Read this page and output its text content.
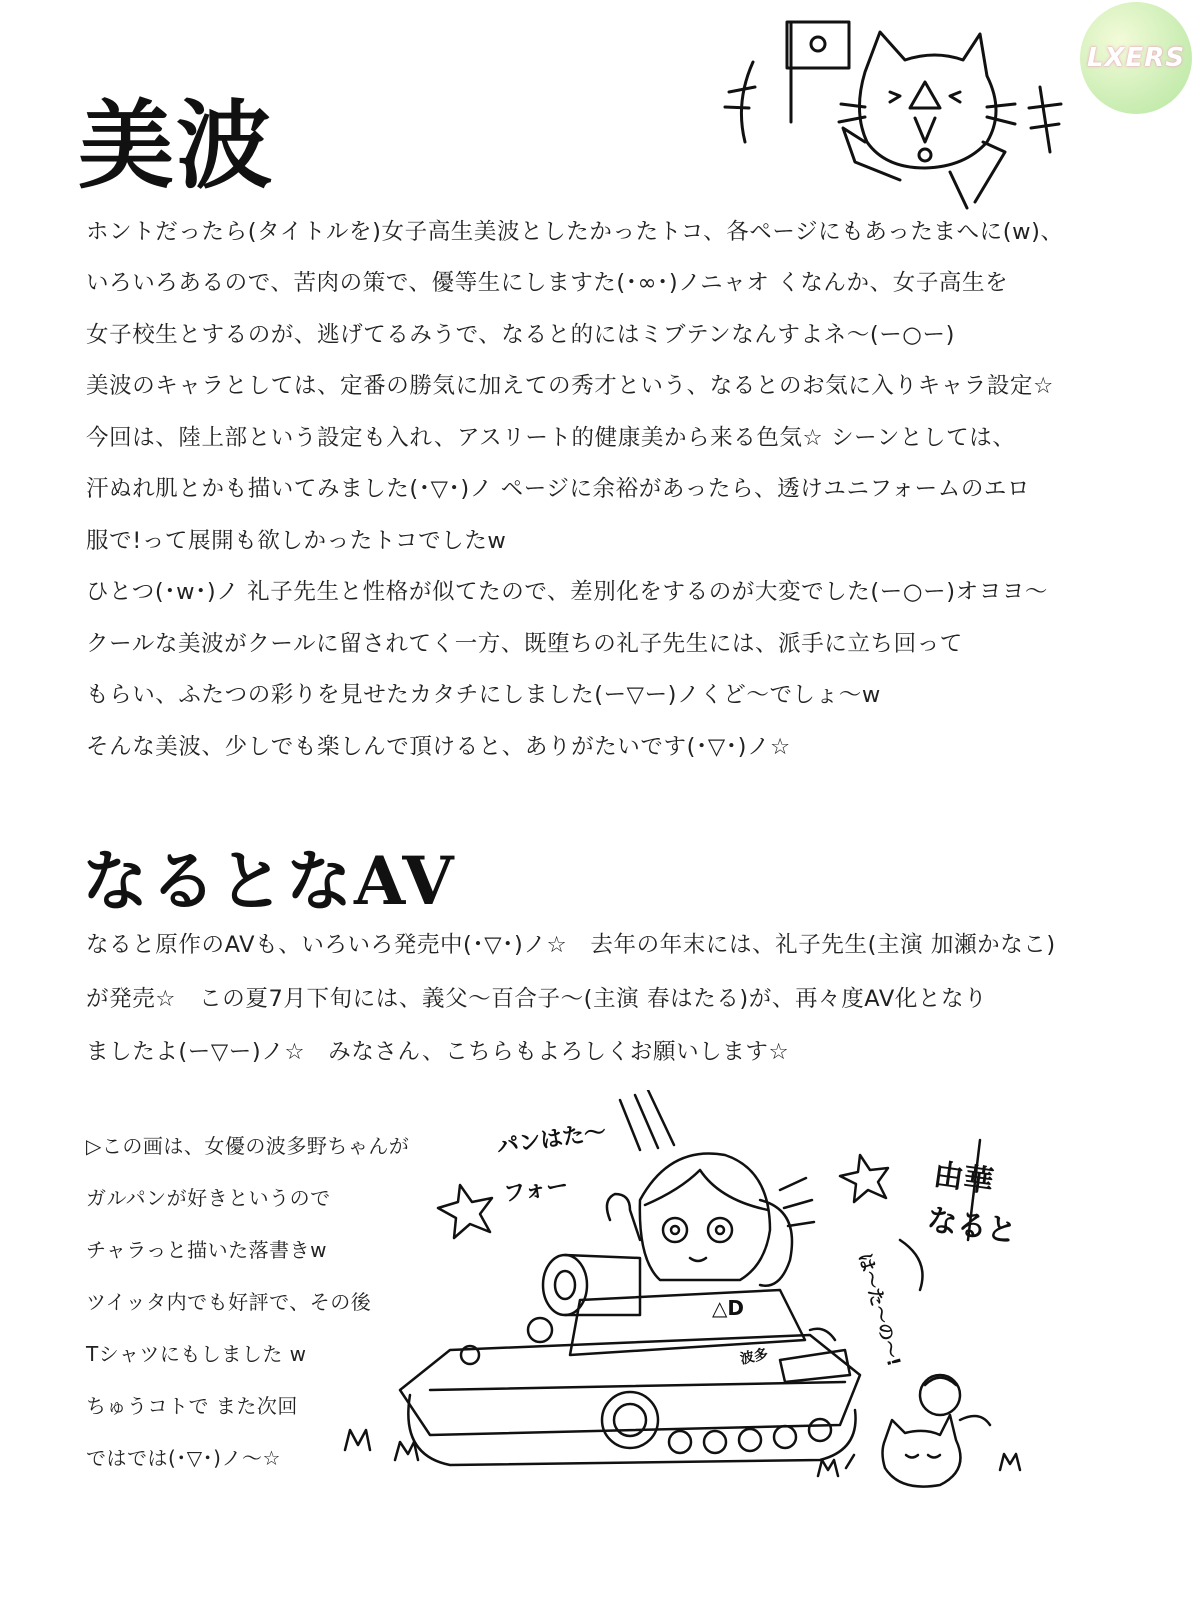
LXERS
美波
ホントだったら(タイトルを)女子高生美波としたかったトコ、各ページにもあったまへに(w)、
いろいろあるので、苦肉の策で、優等生にしますた(･∞･)ノニャオ くなんか、女子高生を
女子校生とするのが、逃げてるみうで、なると的にはミブテンなんすよネ～(ー○ー)
美波のキャラとしては、定番の勝気に加えての秀才という、なるとのお気に入りキャラ設定☆
今回は、陸上部という設定も入れ、アスリート的健康美から来る色気☆ シーンとしては、
汗ぬれ肌とかも描いてみました(･▽･)ノ ページに余裕があったら、透けユニフォームのエロ
服で!って展開も欲しかったトコでしたw
ひとつ(･w･)ノ 礼子先生と性格が似てたので、差別化をするのが大変でした(ー○ー)オヨヨ～
クールな美波がクールに留されてく一方、既堕ちの礼子先生には、派手に立ち回って
もらい、ふたつの彩りを見せたカタチにしました(ー▽ー)ノくど～でしょ～w
そんな美波、少しでも楽しんで頂けると、ありがたいです(･▽･)ノ☆
なるとなAV
なると原作のAVも、いろいろ発売中(･▽･)ノ☆　去年の年末には、礼子先生(主演 加瀬かなこ)
が発売☆　この夏7月下旬には、義父～百合子～(主演 春はたる)が、再々度AV化となり
ましたよ(ー▽ー)ノ☆　みなさん、こちらもよろしくお願いします☆
▷この画は、女優の波多野ちゃんが
ガルパンが好きというので
チャラっと描いた落書きw
ツイッタ内でも好評で、その後
Tシャツにもしました w
ちゅうコトで また次回
ではでは(･▽･)ノ～☆
パンはた～
フォー
は～た～の～!
由華
なると
△D
波多
